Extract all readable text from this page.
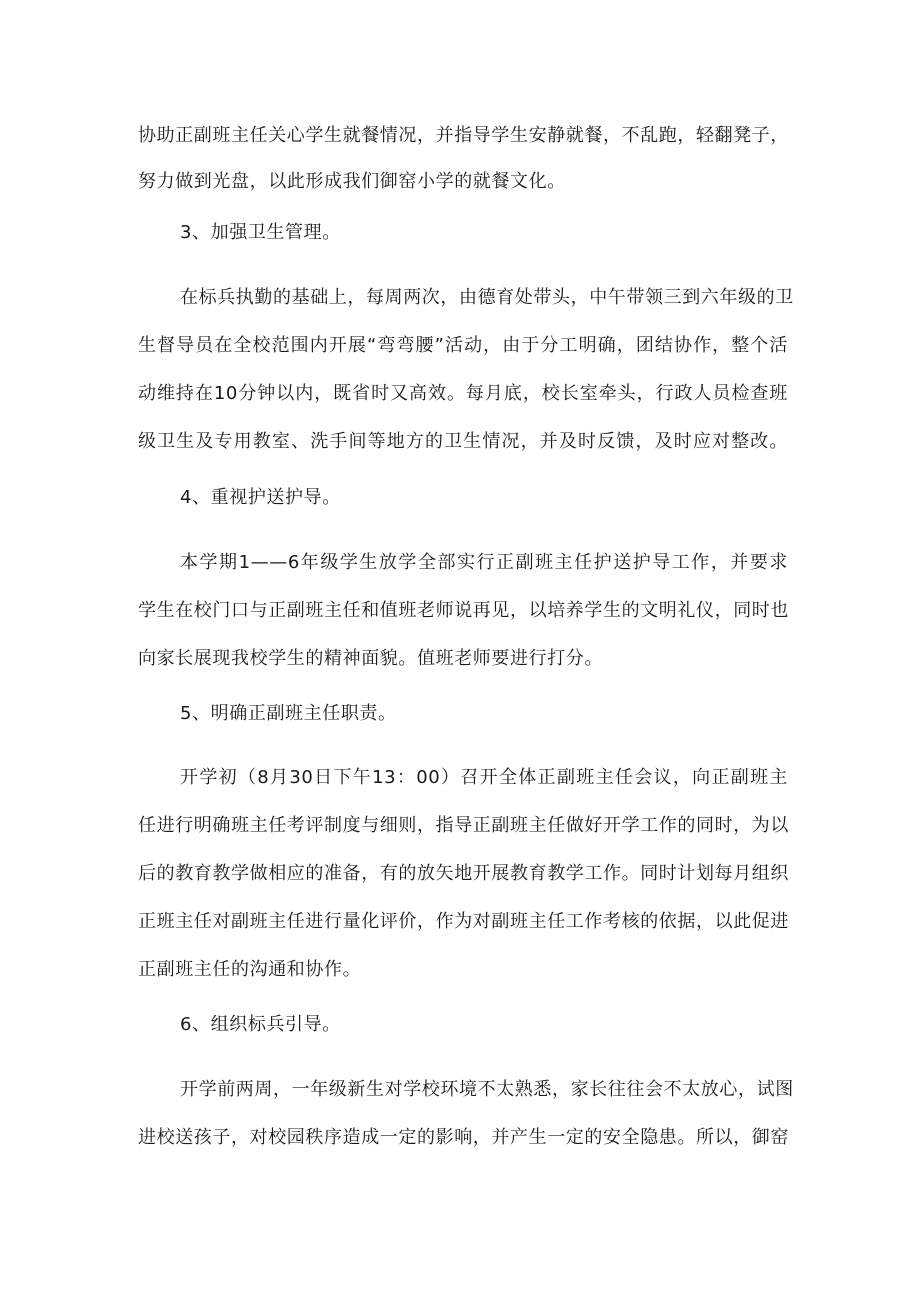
协助正副班主任关心学生就餐情况，并指导学生安静就餐，不乱跑，轻翻凳子，
努力做到光盘，以此形成我们御窑小学的就餐文化。
3、加强卫生管理。
在标兵执勤的基础上，每周两次，由德育处带头，中午带领三到六年级的卫
生督导员在全校范围内开展“弯弯腰”活动，由于分工明确，团结协作，整个活
动维持在10分钟以内，既省时又高效。每月底，校长室牵头，行政人员检查班
级卫生及专用教室、洗手间等地方的卫生情况，并及时反馈，及时应对整改。
4、重视护送护导。
本学期1——6年级学生放学全部实行正副班主任护送护导工作，并要求
学生在校门口与正副班主任和值班老师说再见，以培养学生的文明礼仪，同时也
向家长展现我校学生的精神面貌。值班老师要进行打分。
5、明确正副班主任职责。
开学初（8月30日下午13：00）召开全体正副班主任会议，向正副班主
任进行明确班主任考评制度与细则，指导正副班主任做好开学工作的同时，为以
后的教育教学做相应的准备，有的放矢地开展教育教学工作。同时计划每月组织
正班主任对副班主任进行量化评价，作为对副班主任工作考核的依据，以此促进
正副班主任的沟通和协作。
6、组织标兵引导。
开学前两周，一年级新生对学校环境不太熟悉，家长往往会不太放心，试图
进校送孩子，对校园秩序造成一定的影响，并产生一定的安全隐患。所以，御窑
